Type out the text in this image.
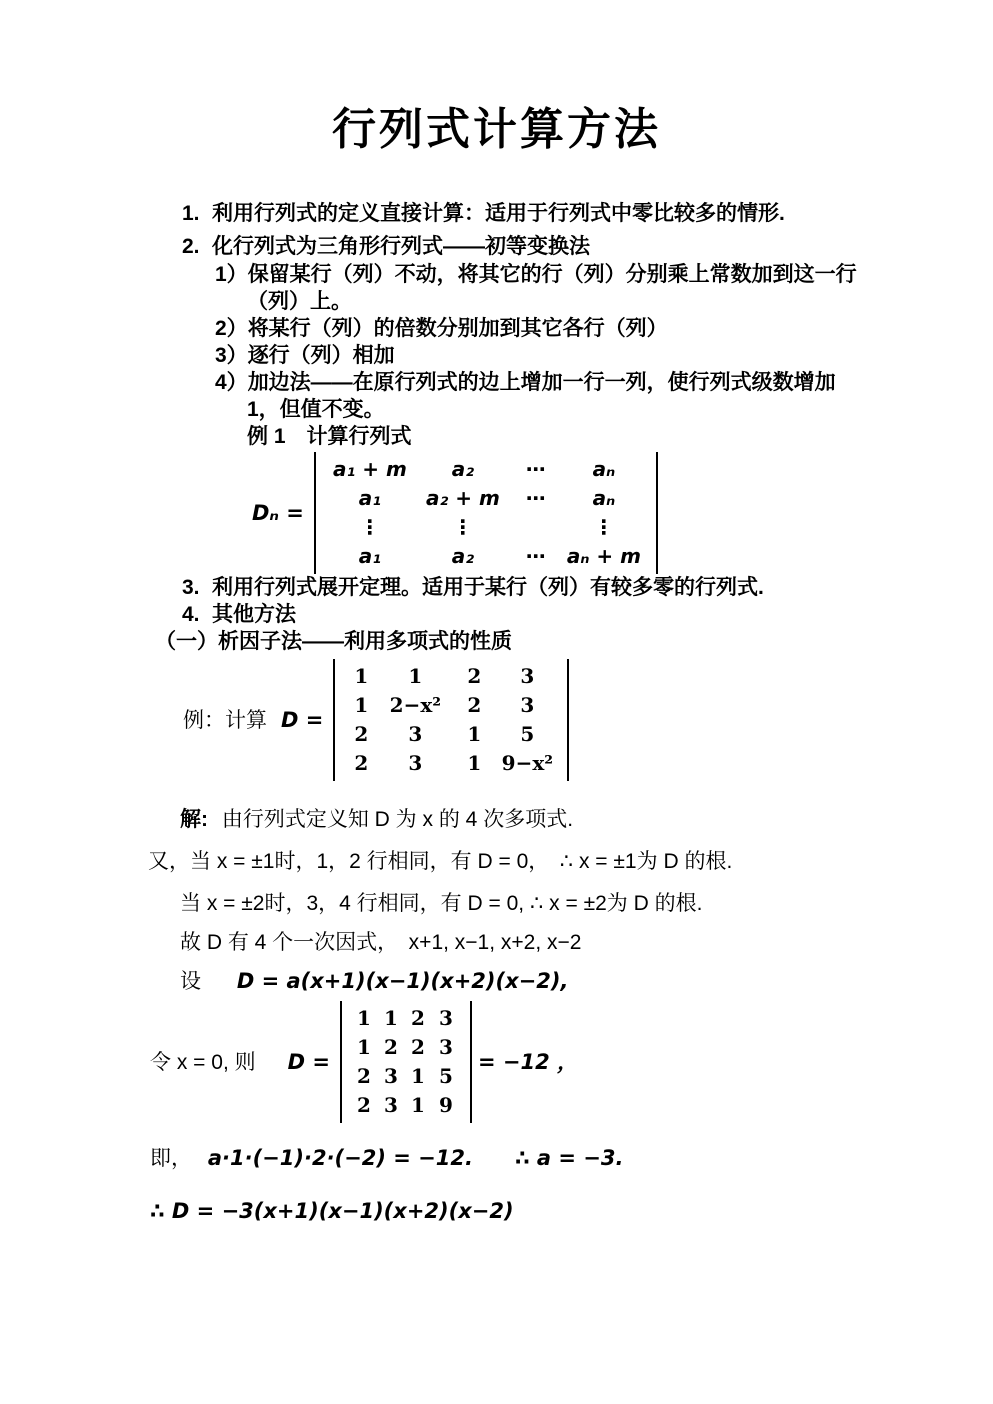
行列式计算方法
1. 利用行列式的定义直接计算：适用于行列式中零比较多的情形.
2. 化行列式为三角形行列式——初等变换法
1） 保留某行（列）不动，将其它的行（列）分别乘上常数加到这一行
（列）上。
2） 将某行（列）的倍数分别加到其它各行（列）
3） 逐行（列）相加
4） 加边法——在原行列式的边上增加一行一列，使行列式级数增加
1，但值不变。
例 1　计算行列式
Dₙ =
a₁ + m	a₂	⋯	aₙ
a₁	a₂ + m	⋯	aₙ
⋮	⋮		⋮
a₁	a₂	⋯	aₙ + m
3. 利用行列式展开定理。适用于某行（列）有较多零的行列式.
4. 其他方法
（一）析因子法——利用多项式的性质
例：计算 D =
1	1	2	3
1	2−x²	2	3
2	3	1	5
2	3	1	9−x²
解: 由行列式定义知 D 为 x 的 4 次多项式.
又，当 x = ±1时，1，2 行相同，有 D = 0，　∴ x = ±1为 D 的根.
当 x = ±2时，3，4 行相同，有 D = 0, ∴ x = ±2为 D 的根.
故 D 有 4 个一次因式，　x+1, x−1, x+2, x−2
设 D = a(x+1)(x−1)(x+2)(x−2),
令 x = 0, 则 D =
1	1	2	3
1	2	2	3
2	3	1	5
2	3	1	9
= −12 ，
即， a·1·(−1)·2·(−2) = −12.　　∴ a = −3.
∴ D = −3(x+1)(x−1)(x+2)(x−2)
